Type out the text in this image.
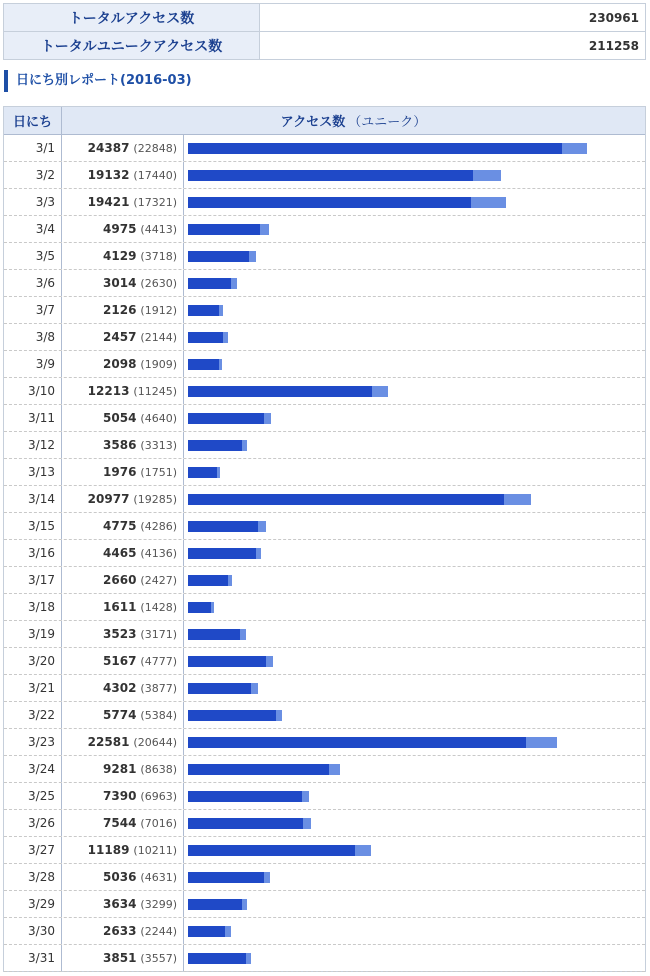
トータルアクセス数	230961
トータルユニークアクセス数	211258
日にち別レポート(2016-03)
日にち	アクセス数 （ユニーク）
3/1	24387 (22848)
3/2	19132 (17440)
3/3	19421 (17321)
3/4	4975 (4413)
3/5	4129 (3718)
3/6	3014 (2630)
3/7	2126 (1912)
3/8	2457 (2144)
3/9	2098 (1909)
3/10	12213 (11245)
3/11	5054 (4640)
3/12	3586 (3313)
3/13	1976 (1751)
3/14	20977 (19285)
3/15	4775 (4286)
3/16	4465 (4136)
3/17	2660 (2427)
3/18	1611 (1428)
3/19	3523 (3171)
3/20	5167 (4777)
3/21	4302 (3877)
3/22	5774 (5384)
3/23	22581 (20644)
3/24	9281 (8638)
3/25	7390 (6963)
3/26	7544 (7016)
3/27	11189 (10211)
3/28	5036 (4631)
3/29	3634 (3299)
3/30	2633 (2244)
3/31	3851 (3557)
